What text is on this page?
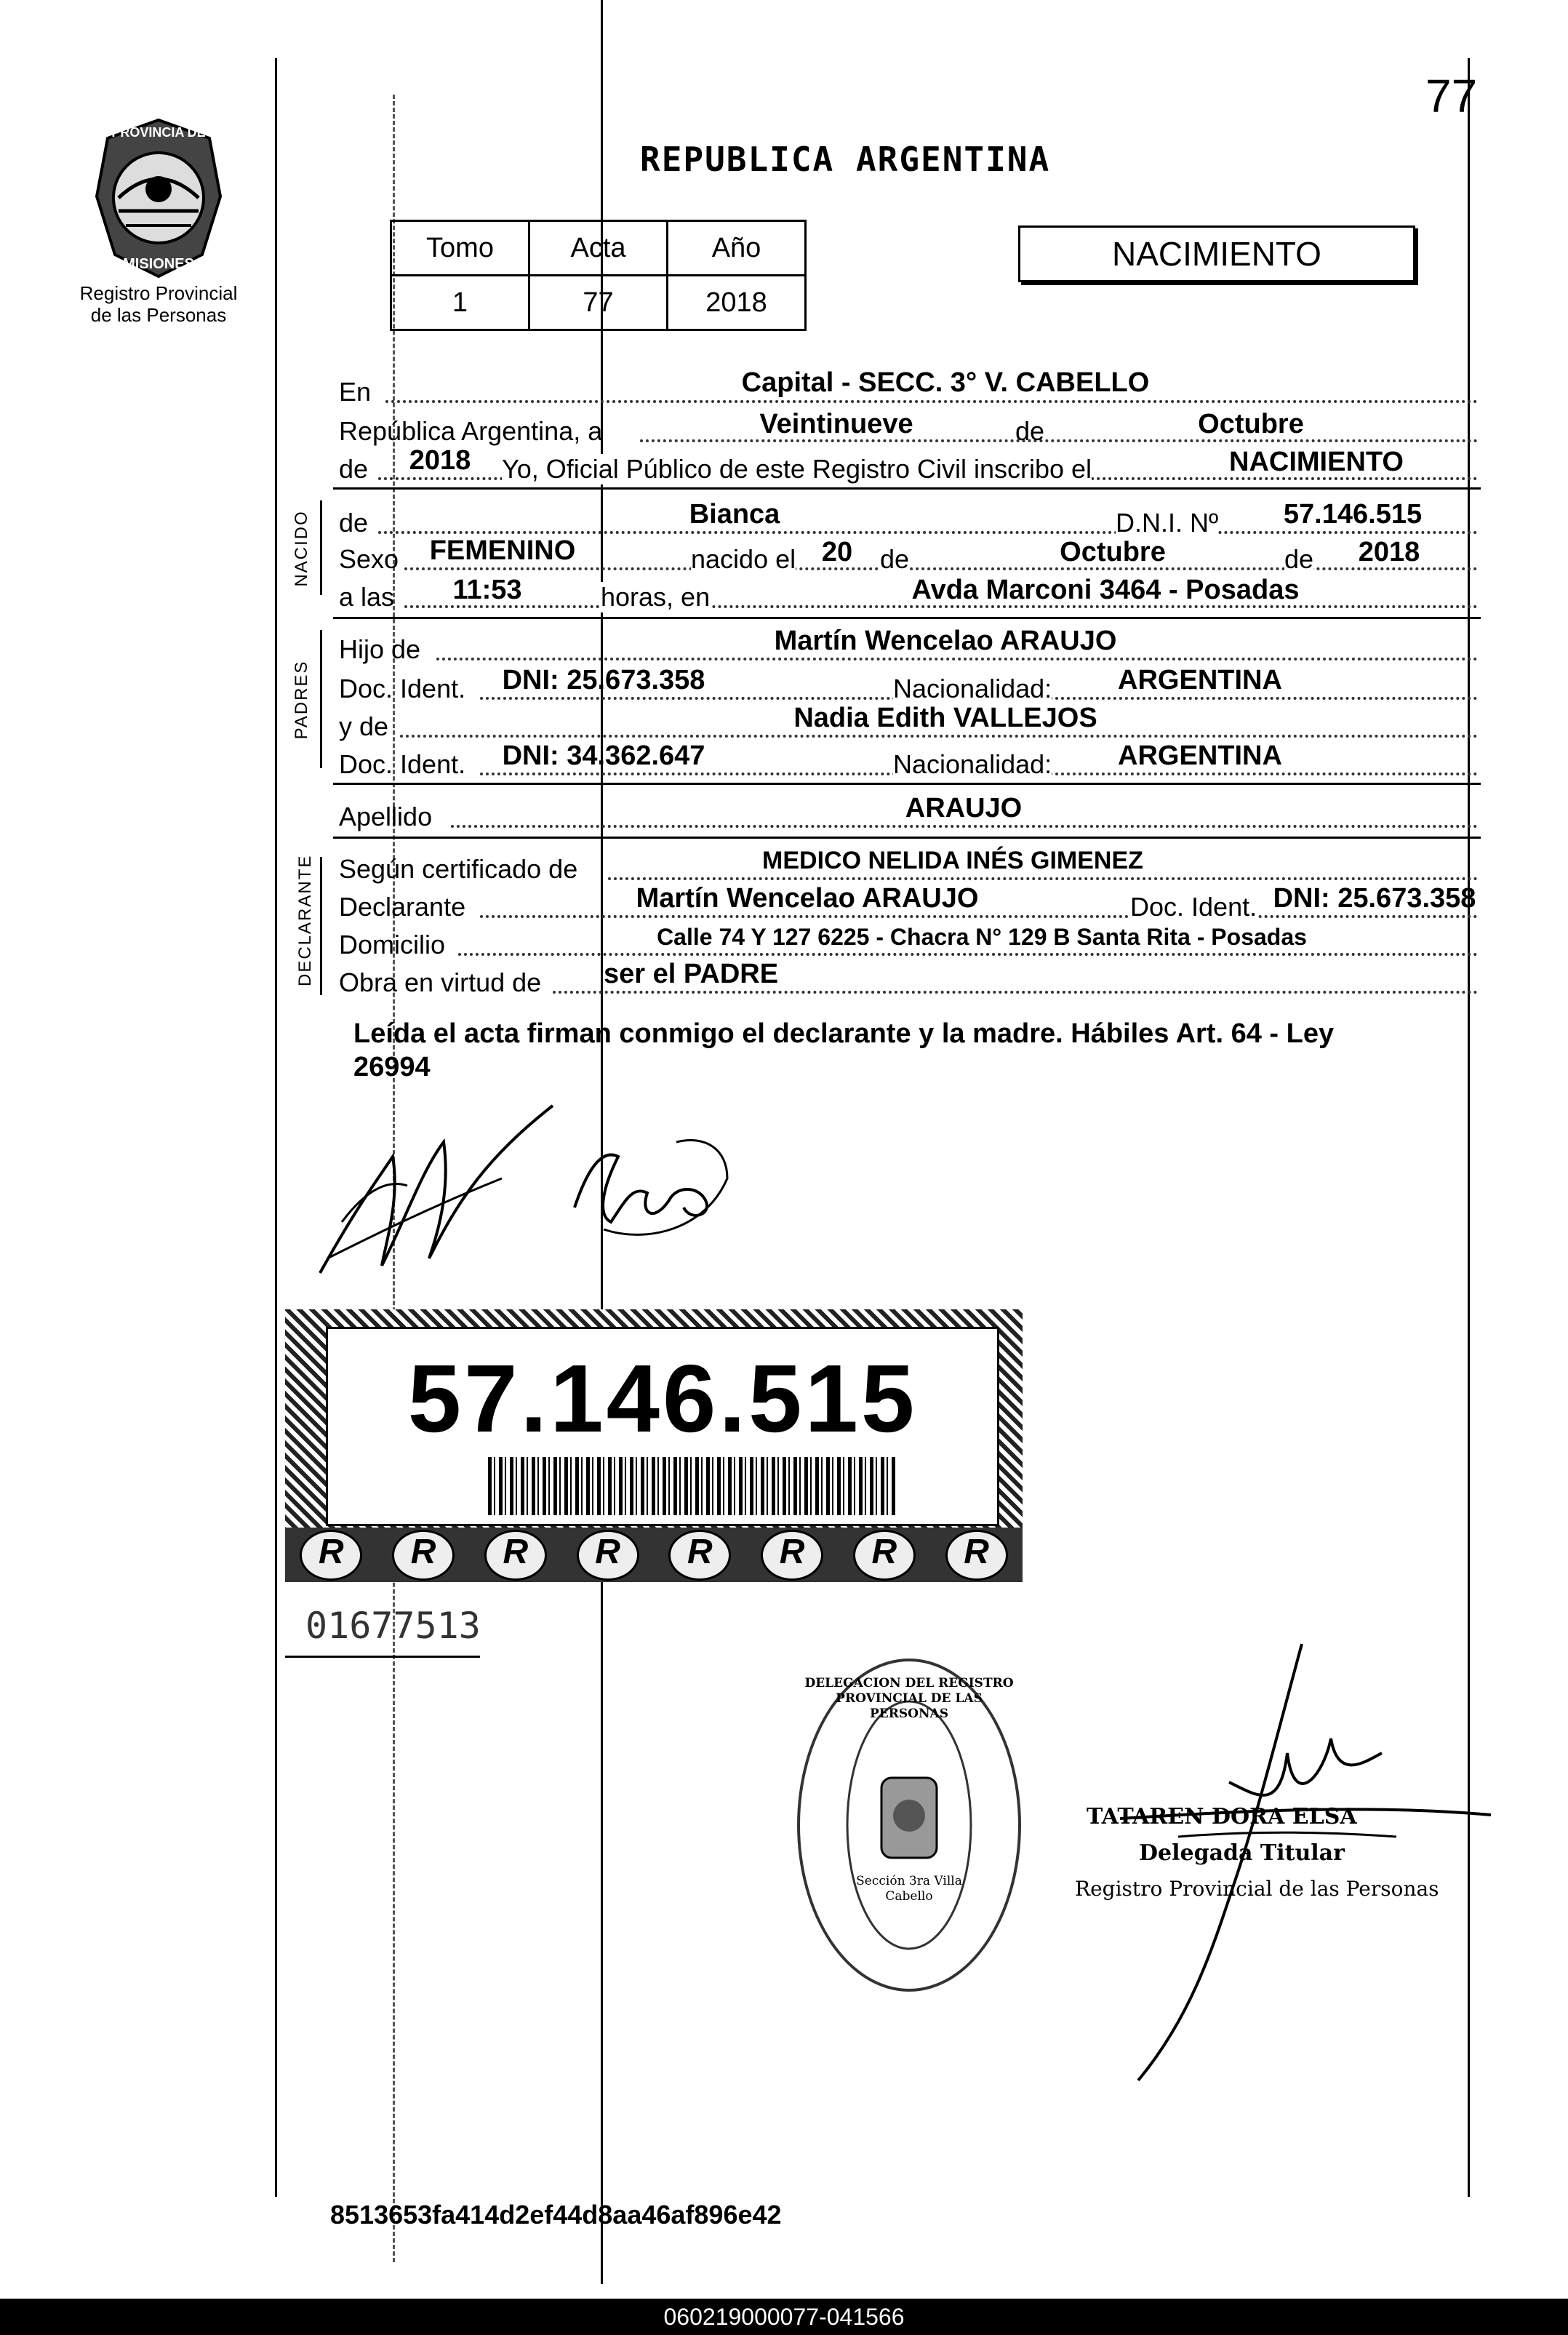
77
PROVINCIA DE
MISIONES
Registro Provincial
de las Personas
REPUBLICA ARGENTINA
Tomo	Acta	Año
1	77	2018
NACIMIENTO
En	Capital - SECC. 3° V. CABELLO
República Argentina, a	Veintinueve	de	Octubre
de	2018	Yo, Oficial Público de este Registro Civil inscribo el	NACIMIENTO
NACIDO de	Bianca	D.N.I. Nº	57.146.515
Sexo	FEMENINO	nacido el 20	de	Octubre	de	2018
a las	11:53	horas, en	Avda Marconi 3464 - Posadas
PADRES
Hijo de	Martín Wencelao ARAUJO
Doc. Ident.	DNI: 25.673.358	Nacionalidad:	ARGENTINA
y de	Nadia Edith VALLEJOS
Doc. Ident.	DNI: 34.362.647	Nacionalidad:	ARGENTINA
Apellido	ARAUJO
DECLARANTE Según certificado de	MEDICO NELIDA INÉS GIMENEZ
Declarante	Martín Wencelao ARAUJO	Doc. Ident. DNI: 25.673.358
Domicilio	Calle 74 Y 127 6225 - Chacra N° 129 B Santa Rita - Posadas
Obra en virtud de ser el PADRE
Leída el acta firman conmigo el declarante y la madre. Hábiles Art. 64 - Ley
26994
57.146.515
R	R	R	R	R	R	R	R
01677513
DELEGACION DEL REGISTRO PROVINCIAL DE LAS PERSONAS
Sección 3ra Villa Cabello
TATAREN DORA ELSA
Delegada Titular
Registro Provincial de las Personas
8513653fa414d2ef44d8aa46af896e42
060219000077-041566
